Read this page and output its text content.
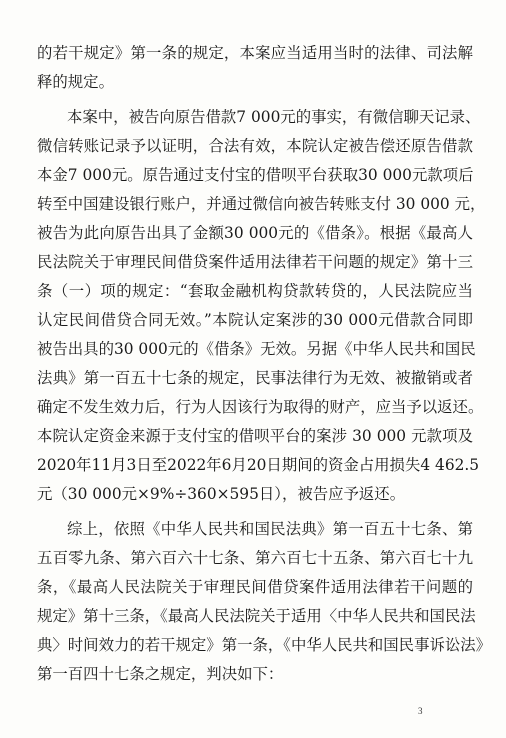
的若干规定》第一条的规定，本案应当适用当时的法律、司法解
释的规定。
本案中，被告向原告借款7 000元的事实，有微信聊天记录、
微信转账记录予以证明，合法有效，本院认定被告偿还原告借款
本金7 000元。原告通过支付宝的借呗平台获取30 000元款项后
转至中国建设银行账户，并通过微信向被告转账支付 30 000 元，
被告为此向原告出具了金额30 000元的《借条》。根据《最高人
民法院关于审理民间借贷案件适用法律若干问题的规定》第十三
条（一）项的规定：“套取金融机构贷款转贷的，人民法院应当
认定民间借贷合同无效。”本院认定案涉的30 000元借款合同即
被告出具的30 000元的《借条》无效。另据《中华人民共和国民
法典》第一百五十七条的规定，民事法律行为无效、被撤销或者
确定不发生效力后，行为人因该行为取得的财产，应当予以返还。
本院认定资金来源于支付宝的借呗平台的案涉 30 000 元款项及
2020年11月3日至2022年6月20日期间的资金占用损失4 462.5
元（30 000元×9%÷360×595日），被告应予返还。
综上，依照《中华人民共和国民法典》第一百五十七条、第
五百零九条、第六百六十七条、第六百七十五条、第六百七十九
条，《最高人民法院关于审理民间借贷案件适用法律若干问题的
规定》第十三条，《最高人民法院关于适用〈中华人民共和国民法
典〉时间效力的若干规定》第一条，《中华人民共和国民事诉讼法》
第一百四十七条之规定，判决如下：
3
